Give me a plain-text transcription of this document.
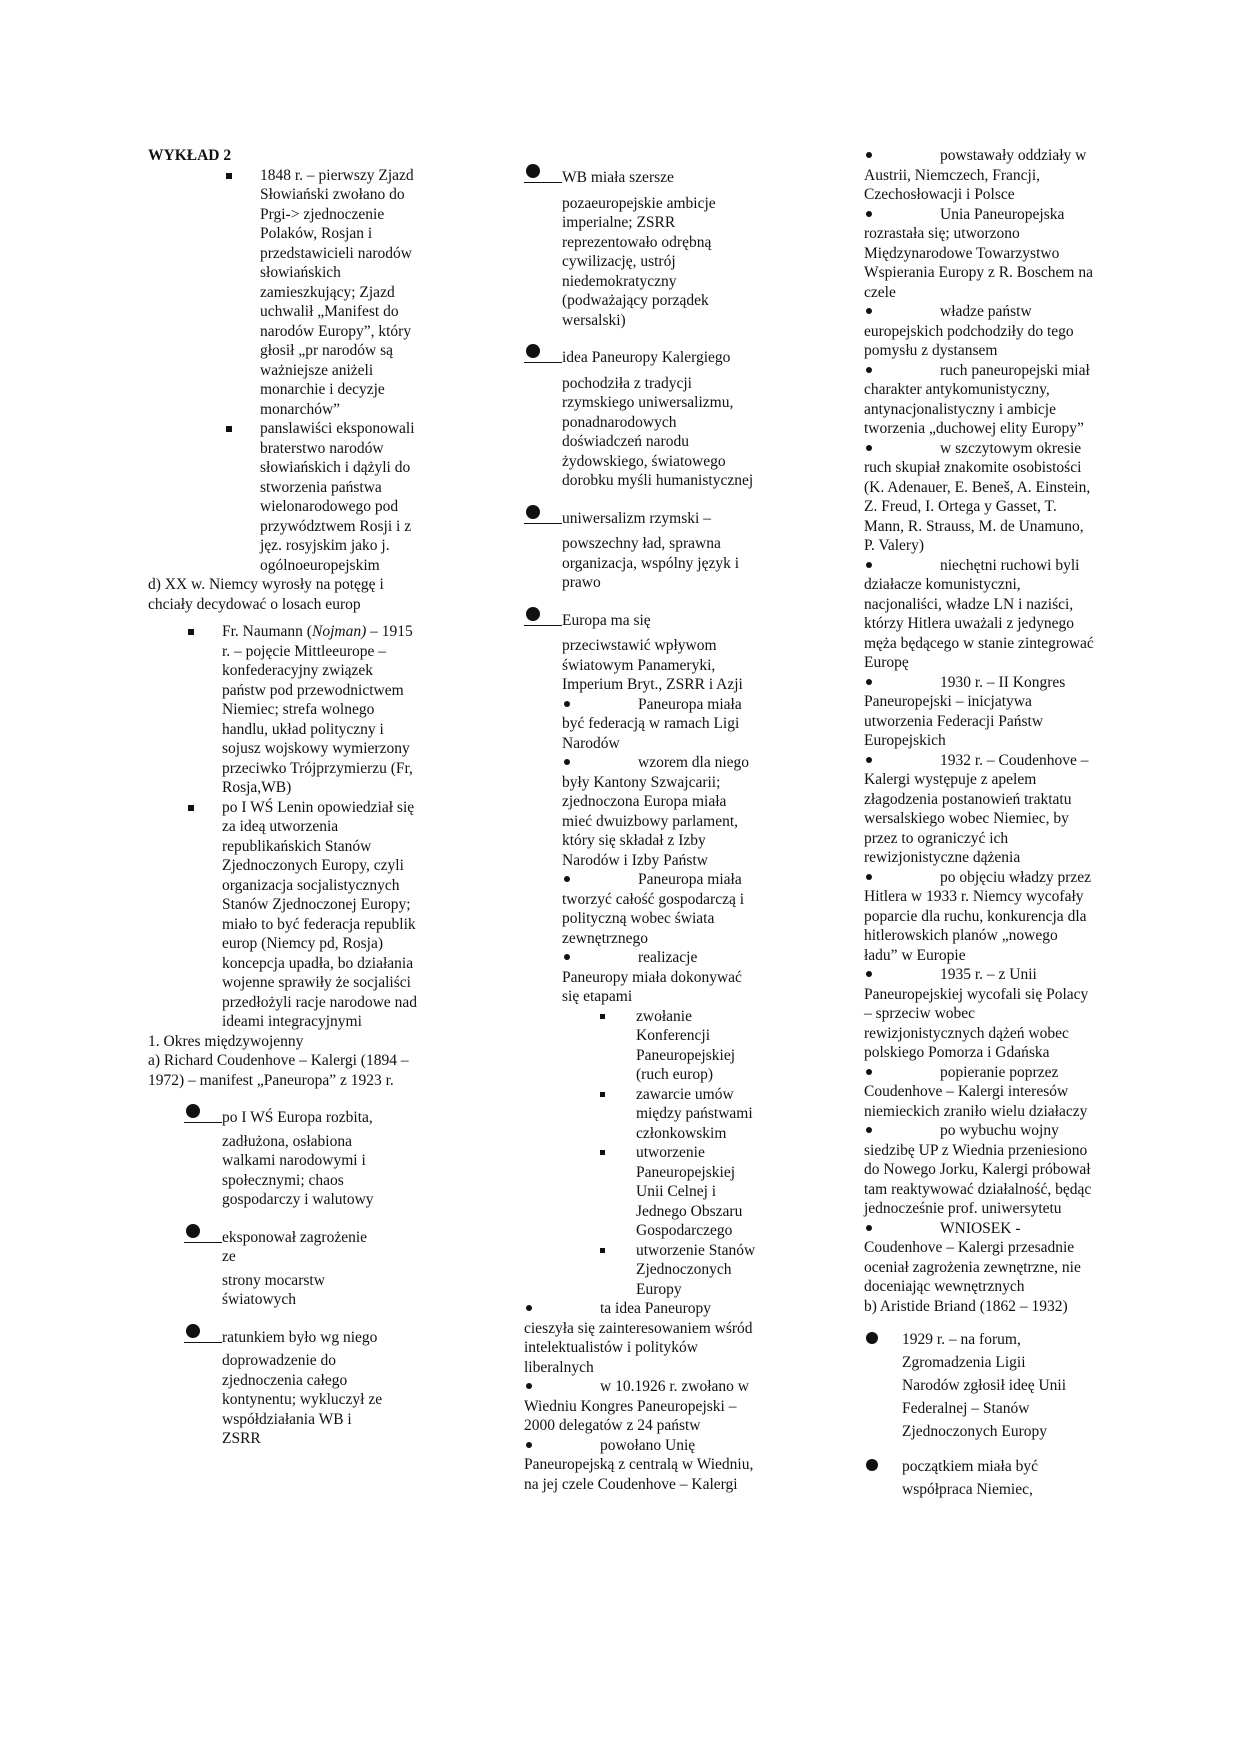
WYKŁAD 2

1848 r. – pierwszy Zjazd Słowiański zwołano do Prgi-> zjednoczenie Polaków, Rosjan i przedstawicieli narodów słowiańskich zamieszkujący; Zjazd uchwalił „Manifest do narodów Europy”, który głosił „pr narodów są ważniejsze aniżeli monarchie i decyzje monarchów”

panslawiści eksponowali braterstwo narodów słowiańskich i dążyli do stworzenia państwa wielonarodowego pod przywództwem Rosji i z jęz. rosyjskim jako j. ogólnoeuropejskim

d) XX w. Niemcy wyrosły na potęgę i chciały decydować o losach europ

Fr. Naumann (Nojman) – 1915 r. – pojęcie Mittleeurope – konfederacyjny związek państw pod przewodnictwem Niemiec; strefa wolnego handlu, układ polityczny i sojusz wojskowy wymierzony przeciwko Trójprzymierzu (Fr, Rosja,WB)

po I WŚ Lenin opowiedział się za ideą utworzenia republikańskich Stanów Zjednoczonych Europy, czyli organizacja socjalistycznych Stanów Zjednoczonej Europy; miało to być federacja republik europ (Niemcy pd, Rosja) koncepcja upadła, bo działania wojenne sprawiły że socjaliści przedłożyli racje narodowe nad ideami integracyjnymi

1. Okres międzywojenny

a) Richard Coudenhove – Kalergi (1894 – 1972) – manifest „Paneuropa” z 1923 r.

po I WŚ Europa rozbita,

zadłużona, osłabiona walkami narodowymi i społecznymi; chaos gospodarczy i walutowy

eksponował zagrożenie ze

strony mocarstw światowych

ratunkiem było wg niego

doprowadzenie do zjednoczenia całego kontynentu; wykluczył ze współdziałania WB i ZSRR

WB miała szersze

pozaeuropejskie ambicje imperialne; ZSRR reprezentowało odrębną cywilizację, ustrój niedemokratyczny (podważający porządek wersalski)

idea Paneuropy Kalergiego

pochodziła z tradycji rzymskiego uniwersalizmu, ponadnarodowych doświadczeń narodu żydowskiego, światowego dorobku myśli humanistycznej

uniwersalizm rzymski –

powszechny ład, sprawna organizacja, wspólny język i prawo

Europa ma się

przeciwstawić wpływom światowym Panameryki, Imperium Bryt., ZSRR i Azji

Paneuropa miała być federacją w ramach Ligi Narodów

wzorem dla niego były Kantony Szwajcarii; zjednoczona Europa miała mieć dwuizbowy parlament, który się składał z Izby Narodów i Izby Państw

Paneuropa miała tworzyć całość gospodarczą i polityczną wobec świata zewnętrznego

realizacje Paneuropy miała dokonywać się etapami

zwołanie Konferencji Paneuropejskiej (ruch europ)

zawarcie umów między państwami członkowskim

utworzenie Paneuropejskiej Unii Celnej i Jednego Obszaru Gospodarczego

utworzenie Stanów Zjednoczonych Europy

ta idea Paneuropy cieszyła się zainteresowaniem wśród intelektualistów i polityków liberalnych

w 10.1926 r. zwołano w Wiedniu Kongres Paneuropejski – 2000 delegatów z 24 państw

powołano Unię Paneuropejską z centralą w Wiedniu, na jej czele Coudenhove – Kalergi

powstawały oddziały w Austrii, Niemczech, Francji, Czechosłowacji i Polsce

Unia Paneuropejska rozrastała się; utworzono Międzynarodowe Towarzystwo Wspierania Europy z R. Boschem na czele

władze państw europejskich podchodziły do tego pomysłu z dystansem

ruch paneuropejski miał charakter antykomunistyczny, antynacjonalistyczny i ambicje tworzenia „duchowej elity Europy”

w szczytowym okresie ruch skupiał znakomite osobistości (K. Adenauer, E. Beneš, A. Einstein, Z. Freud, I. Ortega y Gasset, T. Mann, R. Strauss, M. de Unamuno, P. Valery)

niechętni ruchowi byli działacze komunistyczni, nacjonaliści, władze LN i naziści, którzy Hitlera uważali z jedynego męża będącego w stanie zintegrować Europę

1930 r. – II Kongres Paneuropejski – inicjatywa utworzenia Federacji Państw Europejskich

1932 r. – Coudenhove – Kalergi występuje z apelem złagodzenia postanowień traktatu wersalskiego wobec Niemiec, by przez to ograniczyć ich rewizjonistyczne dążenia

po objęciu władzy przez Hitlera w 1933 r. Niemcy wycofały poparcie dla ruchu, konkurencja dla hitlerowskich planów „nowego ładu” w Europie

1935 r. – z Unii Paneuropejskiej wycofali się Polacy – sprzeciw wobec rewizjonistycznych dążeń wobec polskiego Pomorza i Gdańska

popieranie poprzez Coudenhove – Kalergi interesów niemieckich zraniło wielu działaczy

po wybuchu wojny siedzibę UP z Wiednia przeniesiono do Nowego Jorku, Kalergi próbował tam reaktywować działalność, będąc jednocześnie prof. uniwersytetu

WNIOSEK - Coudenhove – Kalergi przesadnie oceniał zagrożenia zewnętrzne, nie doceniając wewnętrznych

b) Aristide Briand (1862 – 1932)

1929 r. – na forum, Zgromadzenia Ligii Narodów zgłosił ideę Unii Federalnej – Stanów Zjednoczonych Europy

początkiem miała być współpraca Niemiec,
